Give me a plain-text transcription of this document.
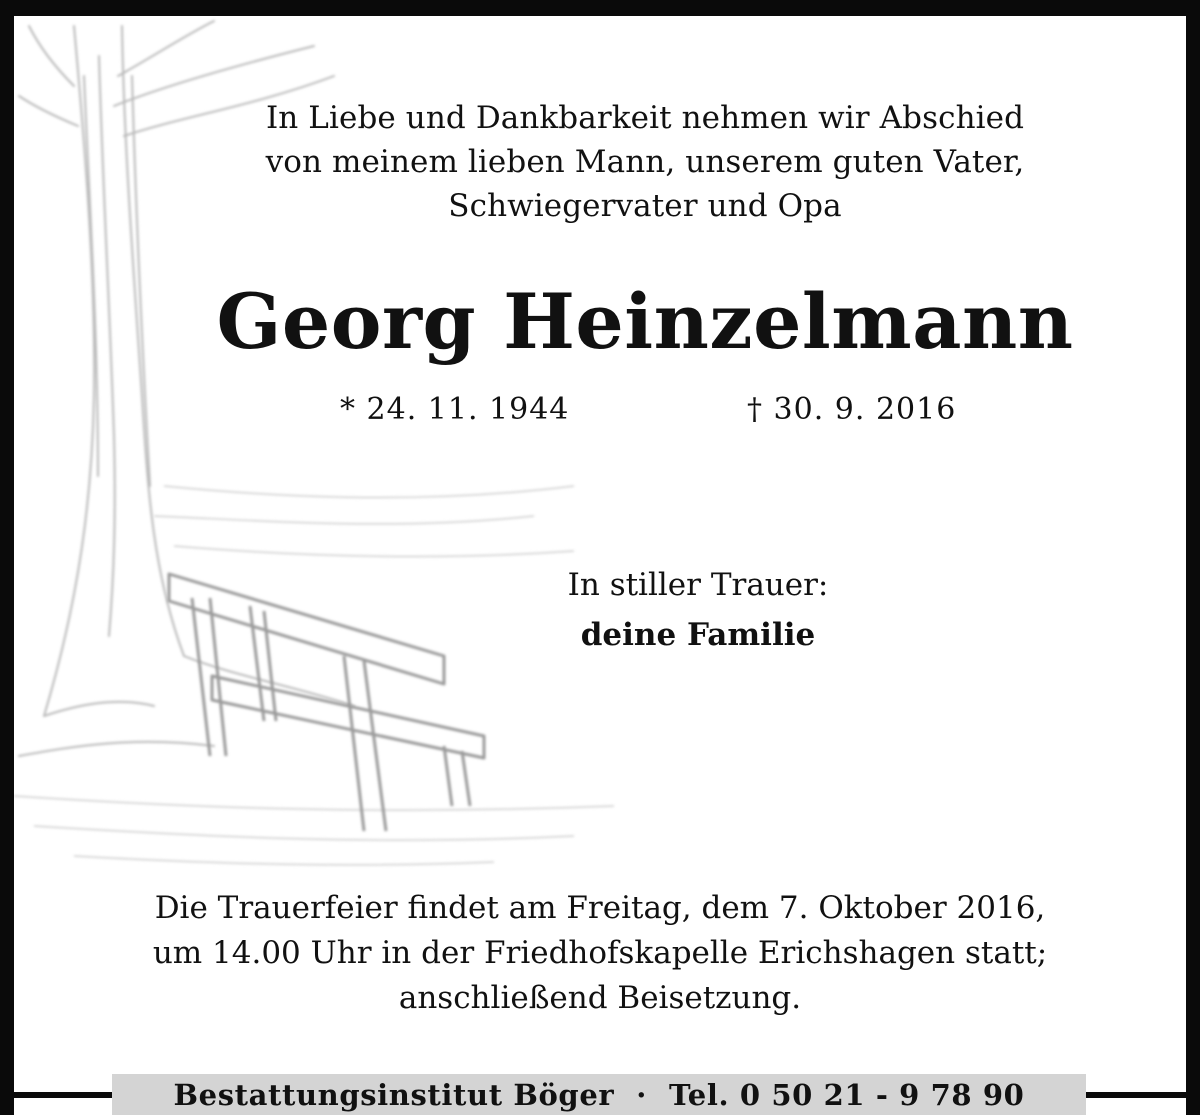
In Liebe und Dankbarkeit nehmen wir Abschied
von meinem lieben Mann, unserem guten Vater,
Schwiegervater und Opa
Georg Heinzelmann
* 24. 11. 1944	† 30. 9. 2016
In stiller Trauer:
deine Familie
Die Trauerfeier findet am Freitag, dem 7. Oktober 2016,
um 14.00 Uhr in der Friedhofskapelle Erichshagen statt;
anschließend Beisetzung.
Bestattungsinstitut Böger · Tel. 0 50 21 - 9 78 90
